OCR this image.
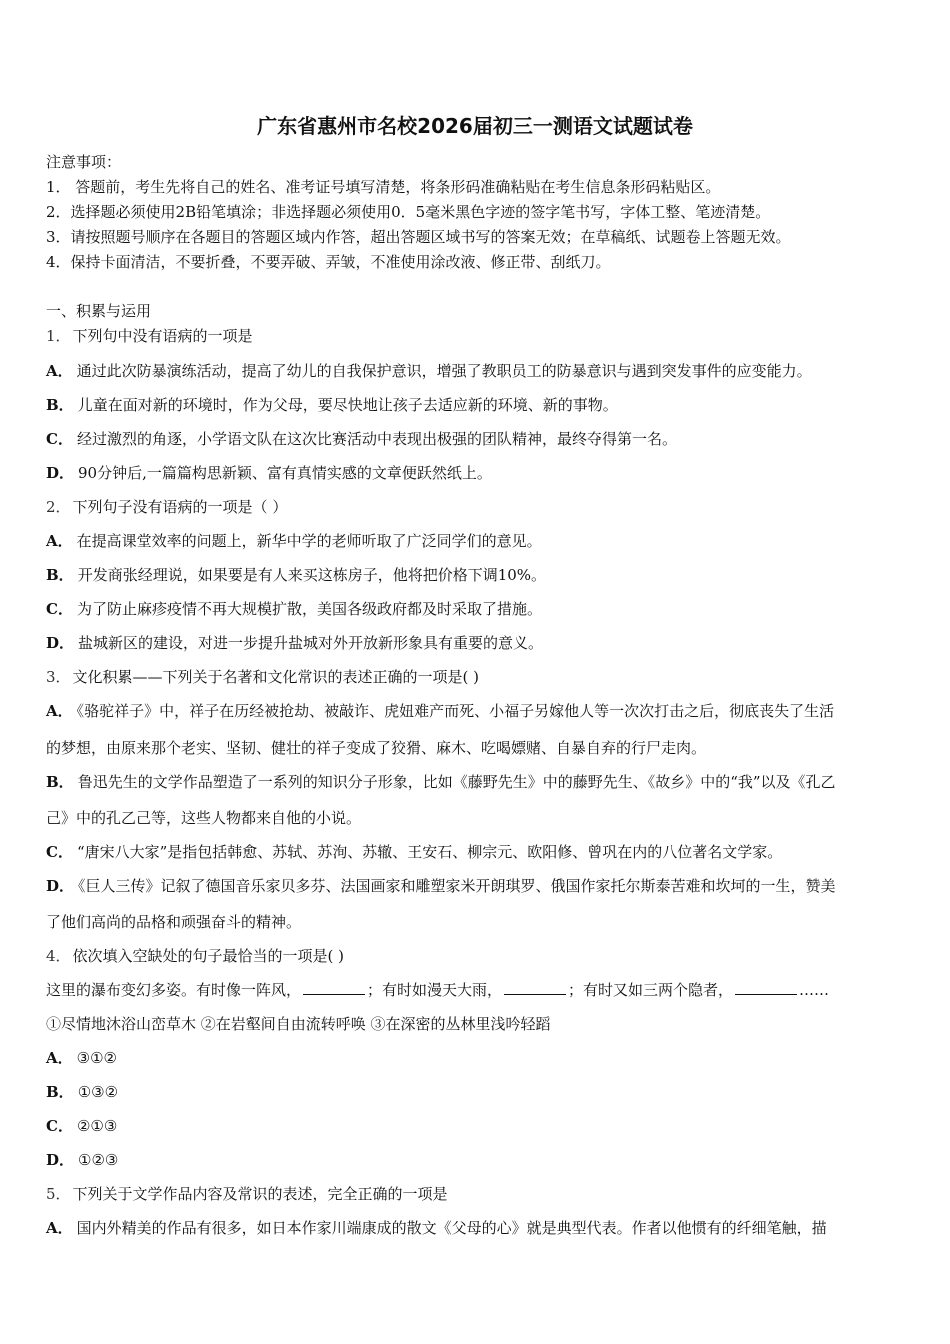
广东省惠州市名校2026届初三一测语文试题试卷
注意事项：
1． 答题前，考生先将自己的姓名、准考证号填写清楚，将条形码准确粘贴在考生信息条形码粘贴区。
2．选择题必须使用2B铅笔填涂；非选择题必须使用0．5毫米黑色字迹的签字笔书写，字体工整、笔迹清楚。
3．请按照题号顺序在各题目的答题区域内作答，超出答题区域书写的答案无效；在草稿纸、试题卷上答题无效。
4．保持卡面清洁，不要折叠，不要弄破、弄皱，不准使用涂改液、修正带、刮纸刀。
一、积累与运用
1． 下列句中没有语病的一项是
A． 通过此次防暴演练活动，提高了幼儿的自我保护意识，增强了教职员工的防暴意识与遇到突发事件的应变能力。
B． 儿童在面对新的环境时，作为父母，要尽快地让孩子去适应新的环境、新的事物。
C． 经过激烈的角逐，小学语文队在这次比赛活动中表现出极强的团队精神，最终夺得第一名。
D． 90分钟后,一篇篇构思新颖、富有真情实感的文章便跃然纸上。
2． 下列句子没有语病的一项是（ ）
A． 在提高课堂效率的问题上，新华中学的老师听取了广泛同学们的意见。
B． 开发商张经理说，如果要是有人来买这栋房子，他将把价格下调10%。
C． 为了防止麻疹疫情不再大规模扩散，美国各级政府都及时采取了措施。
D． 盐城新区的建设，对进一步提升盐城对外开放新形象具有重要的意义。
3． 文化积累——下列关于名著和文化常识的表述正确的一项是( )
A． 《骆驼祥子》中，祥子在历经被抢劫、被敲诈、虎妞难产而死、小福子另嫁他人等一次次打击之后，彻底丧失了生活
的梦想，由原来那个老实、坚韧、健壮的祥子变成了狡猾、麻木、吃喝嫖赌、自暴自弃的行尸走肉。
B． 鲁迅先生的文学作品塑造了一系列的知识分子形象，比如《藤野先生》中的藤野先生、《故乡》中的“我”以及《孔乙
己》中的孔乙己等，这些人物都来自他的小说。
C． “唐宋八大家”是指包括韩愈、苏轼、苏洵、苏辙、王安石、柳宗元、欧阳修、曾巩在内的八位著名文学家。
D． 《巨人三传》记叙了德国音乐家贝多芬、法国画家和雕塑家米开朗琪罗、俄国作家托尔斯泰苦难和坎坷的一生，赞美
了他们高尚的品格和顽强奋斗的精神。
4． 依次填入空缺处的句子最恰当的一项是( )
这里的瀑布变幻多姿。有时像一阵风，	；有时如漫天大雨，	；有时又如三两个隐者，	……
①尽情地沐浴山峦草木 ②在岩壑间自由流转呼唤 ③在深密的丛林里浅吟轻蹈
A． ③①②
B． ①③②
C． ②①③
D． ①②③
5． 下列关于文学作品内容及常识的表述，完全正确的一项是
A． 国内外精美的作品有很多，如日本作家川端康成的散文《父母的心》就是典型代表。作者以他惯有的纤细笔触，描
